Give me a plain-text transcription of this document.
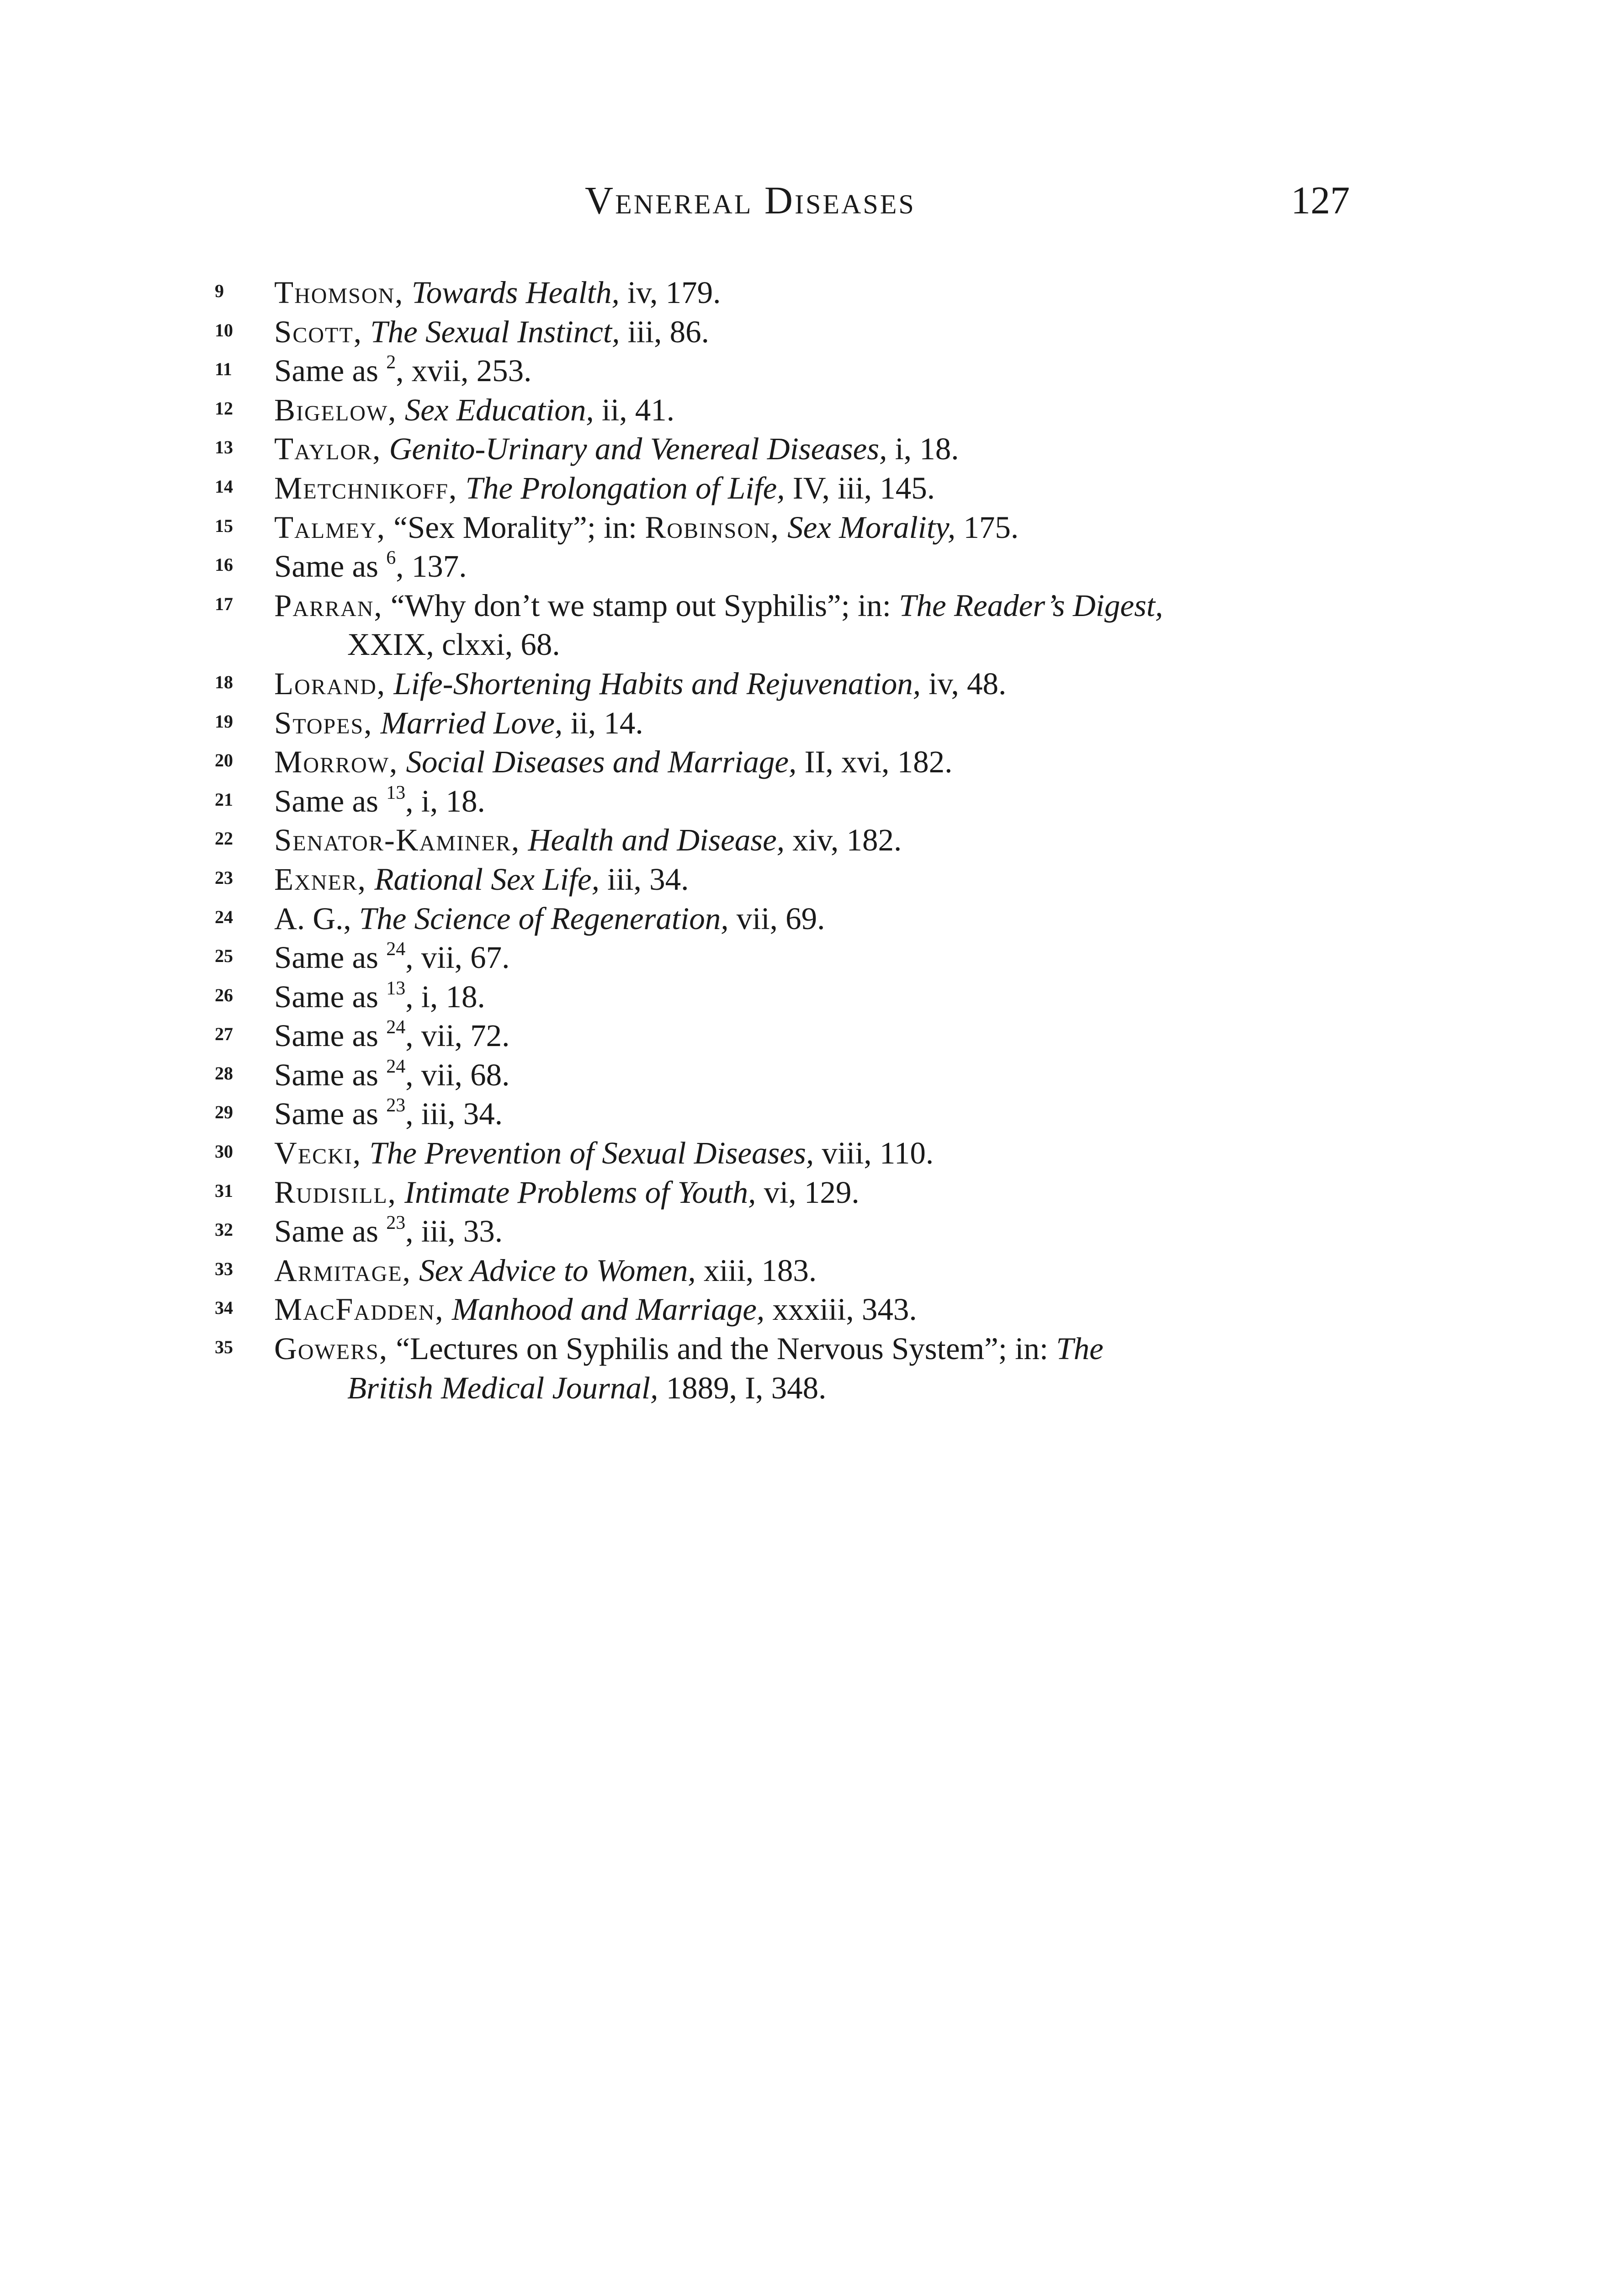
Venereal Diseases	127
9 Thomson, Towards Health, iv, 179.
10 Scott, The Sexual Instinct, iii, 86.
11 Same as $^2$, xvii, 253.
12 Bigelow, Sex Education, ii, 41.
13 Taylor, Genito-Urinary and Venereal Diseases, i, 18.
14 Metchnikoff, The Prolongation of Life, IV, iii, 145.
15 Talmey, “Sex Morality”; in: Robinson, Sex Morality, 175.
16 Same as $^6$, 137.
17 Parran, “Why don’t we stamp out Syphilis”; in: The Reader’s Digest,
XXIX, clxxi, 68.
18 Lorand, Life-Shortening Habits and Rejuvenation, iv, 48.
19 Stopes, Married Love, ii, 14.
20 Morrow, Social Diseases and Marriage, II, xvi, 182.
21 Same as $^{13}$, i, 18.
22 Senator-Kaminer, Health and Disease, xiv, 182.
23 Exner, Rational Sex Life, iii, 34.
24 A. G., The Science of Regeneration, vii, 69.
25 Same as $^{24}$, vii, 67.
26 Same as $^{13}$, i, 18.
27 Same as $^{24}$, vii, 72.
28 Same as $^{24}$, vii, 68.
29 Same as $^{23}$, iii, 34.
30 Vecki, The Prevention of Sexual Diseases, viii, 110.
31 Rudisill, Intimate Problems of Youth, vi, 129.
32 Same as $^{23}$, iii, 33.
33 Armitage, Sex Advice to Women, xiii, 183.
34 MacFadden, Manhood and Marriage, xxxiii, 343.
35 Gowers, “Lectures on Syphilis and the Nervous System”; in: The
British Medical Journal, 1889, I, 348.
